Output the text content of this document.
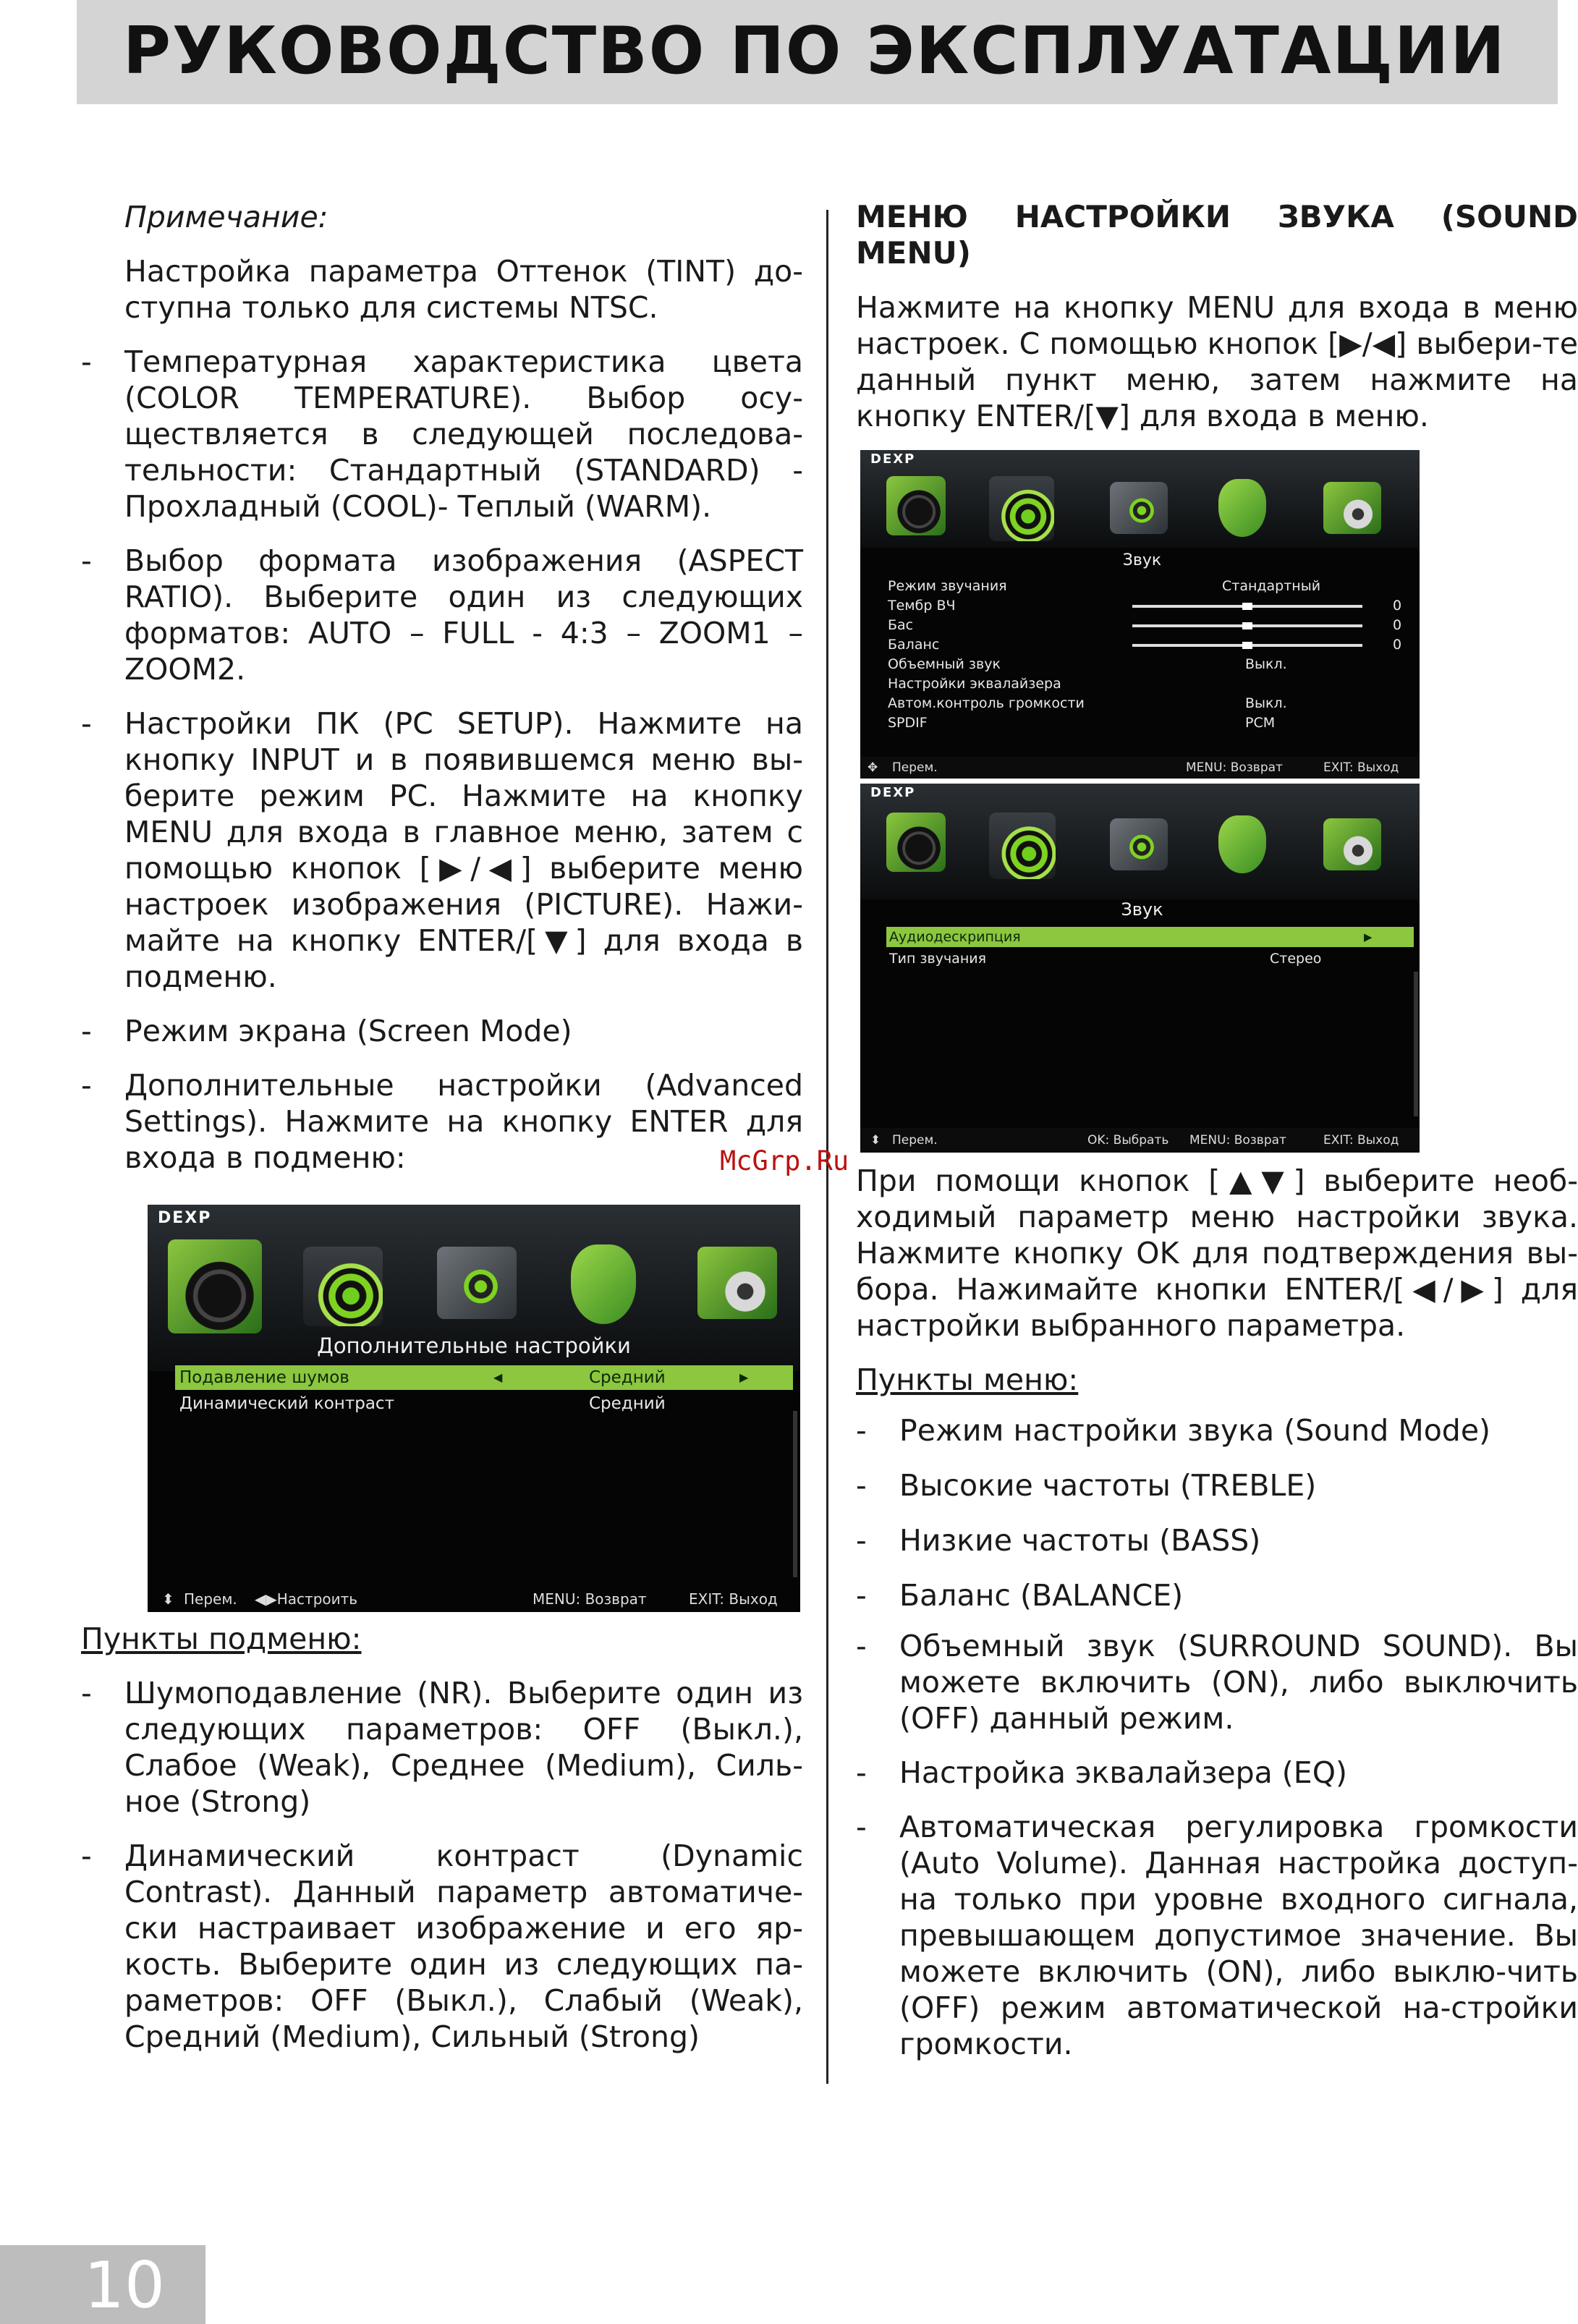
РУКОВОДСТВО ПО ЭКСПЛУАТАЦИИ

Примечание:

Настройка параметра Оттенок (TINT) до-ступна только для системы NTSC.

-	Температурная характеристика цвета (COLOR TEMPERATURE). Выбор осу-ществляется в следующей последова-тельности: Стандартный (STANDARD) - Прохладный (COOL)- Теплый (WARM).

-	Выбор формата изображения (ASPECT RATIO). Выберите один из следующих форматов: AUTO – FULL - 4:3 – ZOOM1 – ZOOM2.

-	Настройки ПК (PC SETUP). Нажмите на кнопку INPUT и в появившемся меню вы-берите режим PC. Нажмите на кнопку MENU для входа в главное меню, затем с помощью кнопок [▶/◀] выберите меню настроек изображения (PICTURE). Нажи-майте на кнопку ENTER/[▼] для входа в подменю.

-	Режим экрана (Screen Mode)

-	Дополнительные настройки (Advanced Settings). Нажмите на кнопку ENTER для входа в подменю:

DEXP
Дополнительные настройки
Подавление шумов	◀	Средний	▶
Динамический контраст	Средний
⬍ Перем. ◀▶Настроить	MENU: Возврат	EXIT: Выход

Пункты подменю:

-	Шумоподавление (NR). Выберите один из следующих параметров: OFF (Выкл.), Слабое (Weak), Среднее (Medium), Силь-ное (Strong)

-	Динамический контраст (Dynamic Contrast). Данный параметр автоматиче-ски настраивает изображение и его яр-кость. Выберите один из следующих па-раметров: OFF (Выкл.), Слабый (Weak), Средний (Medium), Сильный (Strong)

МЕНЮ НАСТРОЙКИ ЗВУКА (SOUND MENU)

Нажмите на кнопку MENU для входа в меню настроек. С помощью кнопок [▶/◀] выбери-те данный пункт меню, затем нажмите на кнопку ENTER/[▼] для входа в меню.

DEXP
Звук
Режим звучания	Стандартный
Тембр ВЧ	0
Бас	0
Баланс	0
Объемный звук	Выкл.
Настройки эквалайзера
Автом.контроль громкости	Выкл.
SPDIF	PCM
✥ Перем.	MENU: Возврат	EXIT: Выход
DEXP
Звук
Аудиодескрипция	▶
Тип звучания	Стерео
⬍ Перем.	OK: Выбрать MENU: Возврат	EXIT: Выход
McGrp.Ru

При помощи кнопок [▲▼] выберите необ-ходимый параметр меню настройки звука. Нажмите кнопку OK для подтверждения вы-бора. Нажимайте кнопки ENTER/[◀/▶] для настройки выбранного параметра.

Пункты меню:

-	Режим настройки звука (Sound Mode)

-	Высокие частоты (TREBLE)

-	Низкие частоты (BASS)

-	Баланс (BALANCE)

-	Объемный звук (SURROUND SOUND). Вы можете включить (ON), либо выключить (OFF) данный режим.

-	Настройка эквалайзера (EQ)

-	Автоматическая регулировка громкости (Auto Volume). Данная настройка доступ-на только при уровне входного сигнала, превышающем допустимое значение. Вы можете включить (ON), либо выклю-чить (OFF) режим автоматической на-стройки громкости.

10
